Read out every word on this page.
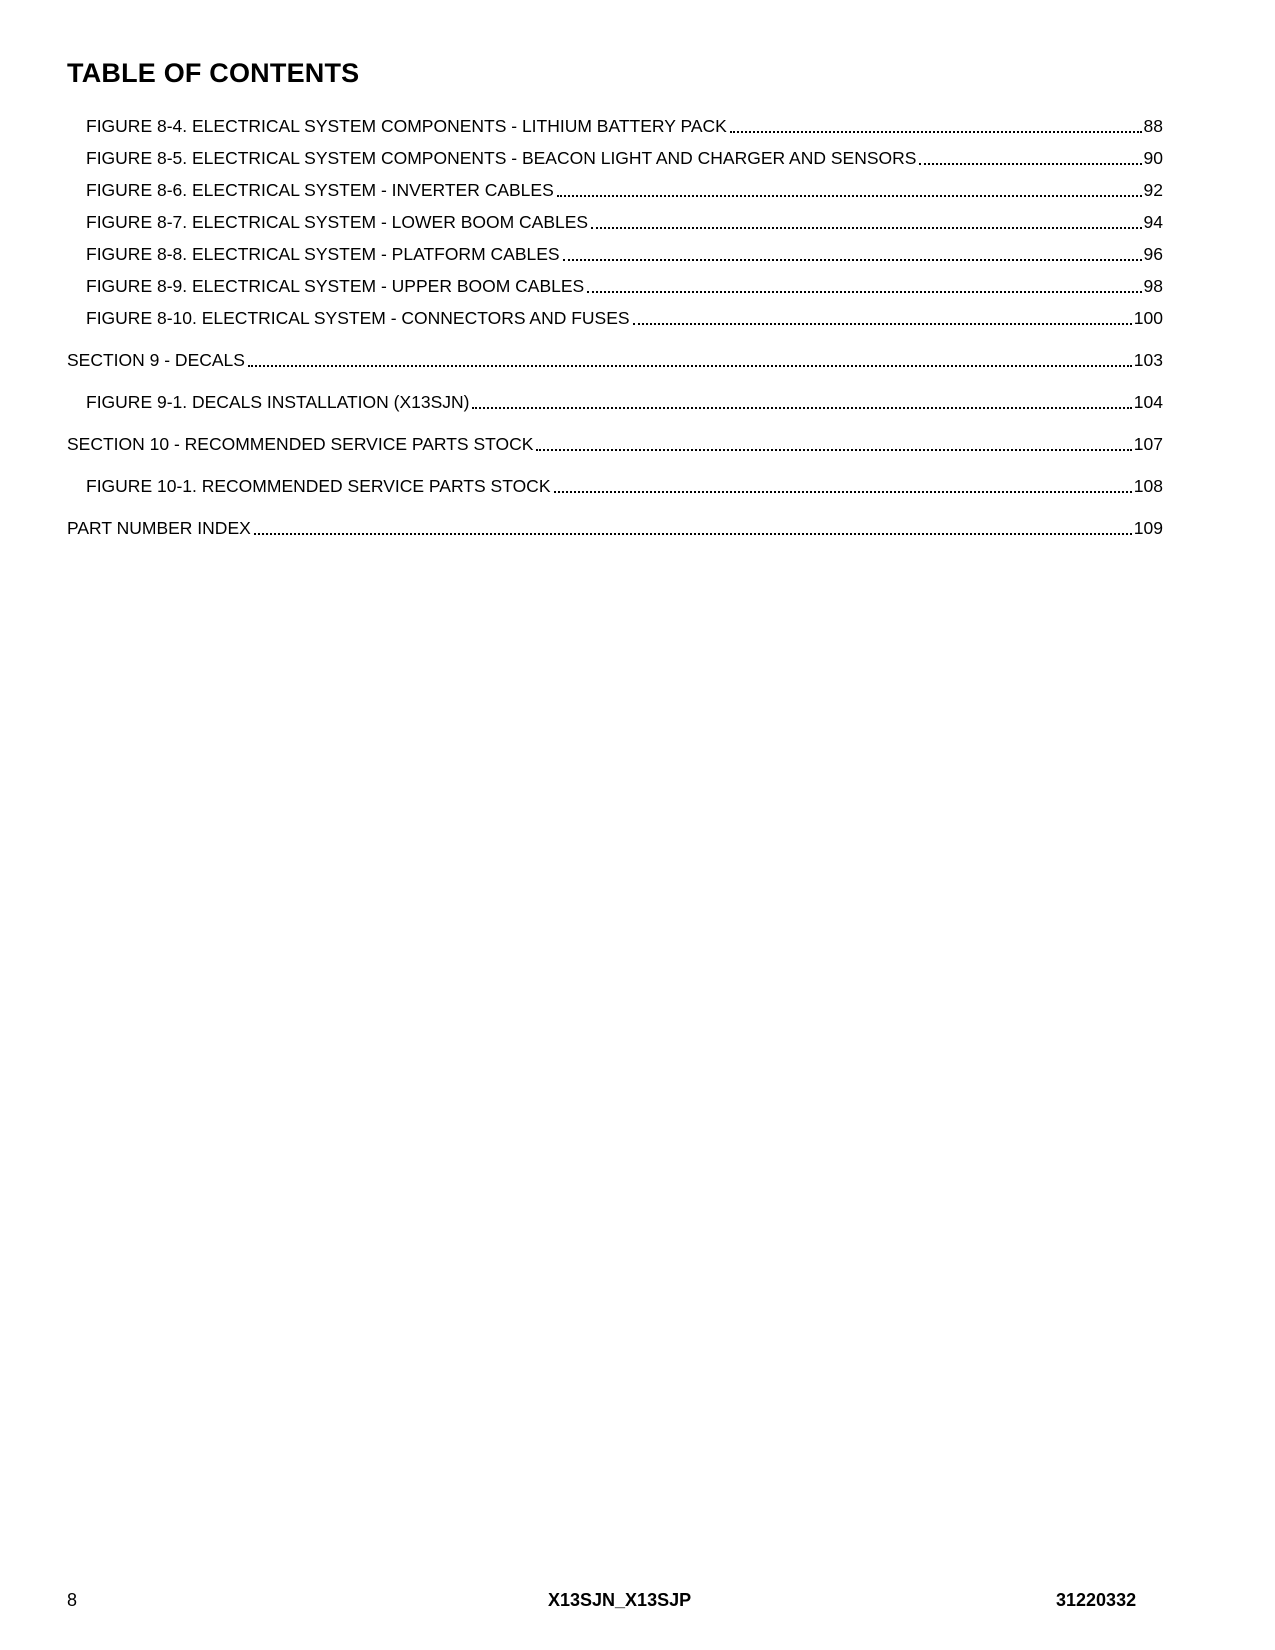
TABLE OF CONTENTS
FIGURE 8-4. ELECTRICAL SYSTEM COMPONENTS - LITHIUM BATTERY PACK	88
FIGURE 8-5. ELECTRICAL SYSTEM COMPONENTS - BEACON LIGHT AND CHARGER AND SENSORS	90
FIGURE 8-6. ELECTRICAL SYSTEM - INVERTER CABLES	92
FIGURE 8-7. ELECTRICAL SYSTEM - LOWER BOOM CABLES	94
FIGURE 8-8. ELECTRICAL SYSTEM - PLATFORM CABLES	96
FIGURE 8-9. ELECTRICAL SYSTEM - UPPER BOOM CABLES	98
FIGURE 8-10. ELECTRICAL SYSTEM - CONNECTORS AND FUSES	100
SECTION 9 - DECALS	103
FIGURE 9-1. DECALS INSTALLATION (X13SJN)	104
SECTION 10 - RECOMMENDED SERVICE PARTS STOCK	107
FIGURE 10-1. RECOMMENDED SERVICE PARTS STOCK	108
PART NUMBER INDEX	109
8	X13SJN_X13SJP	31220332
